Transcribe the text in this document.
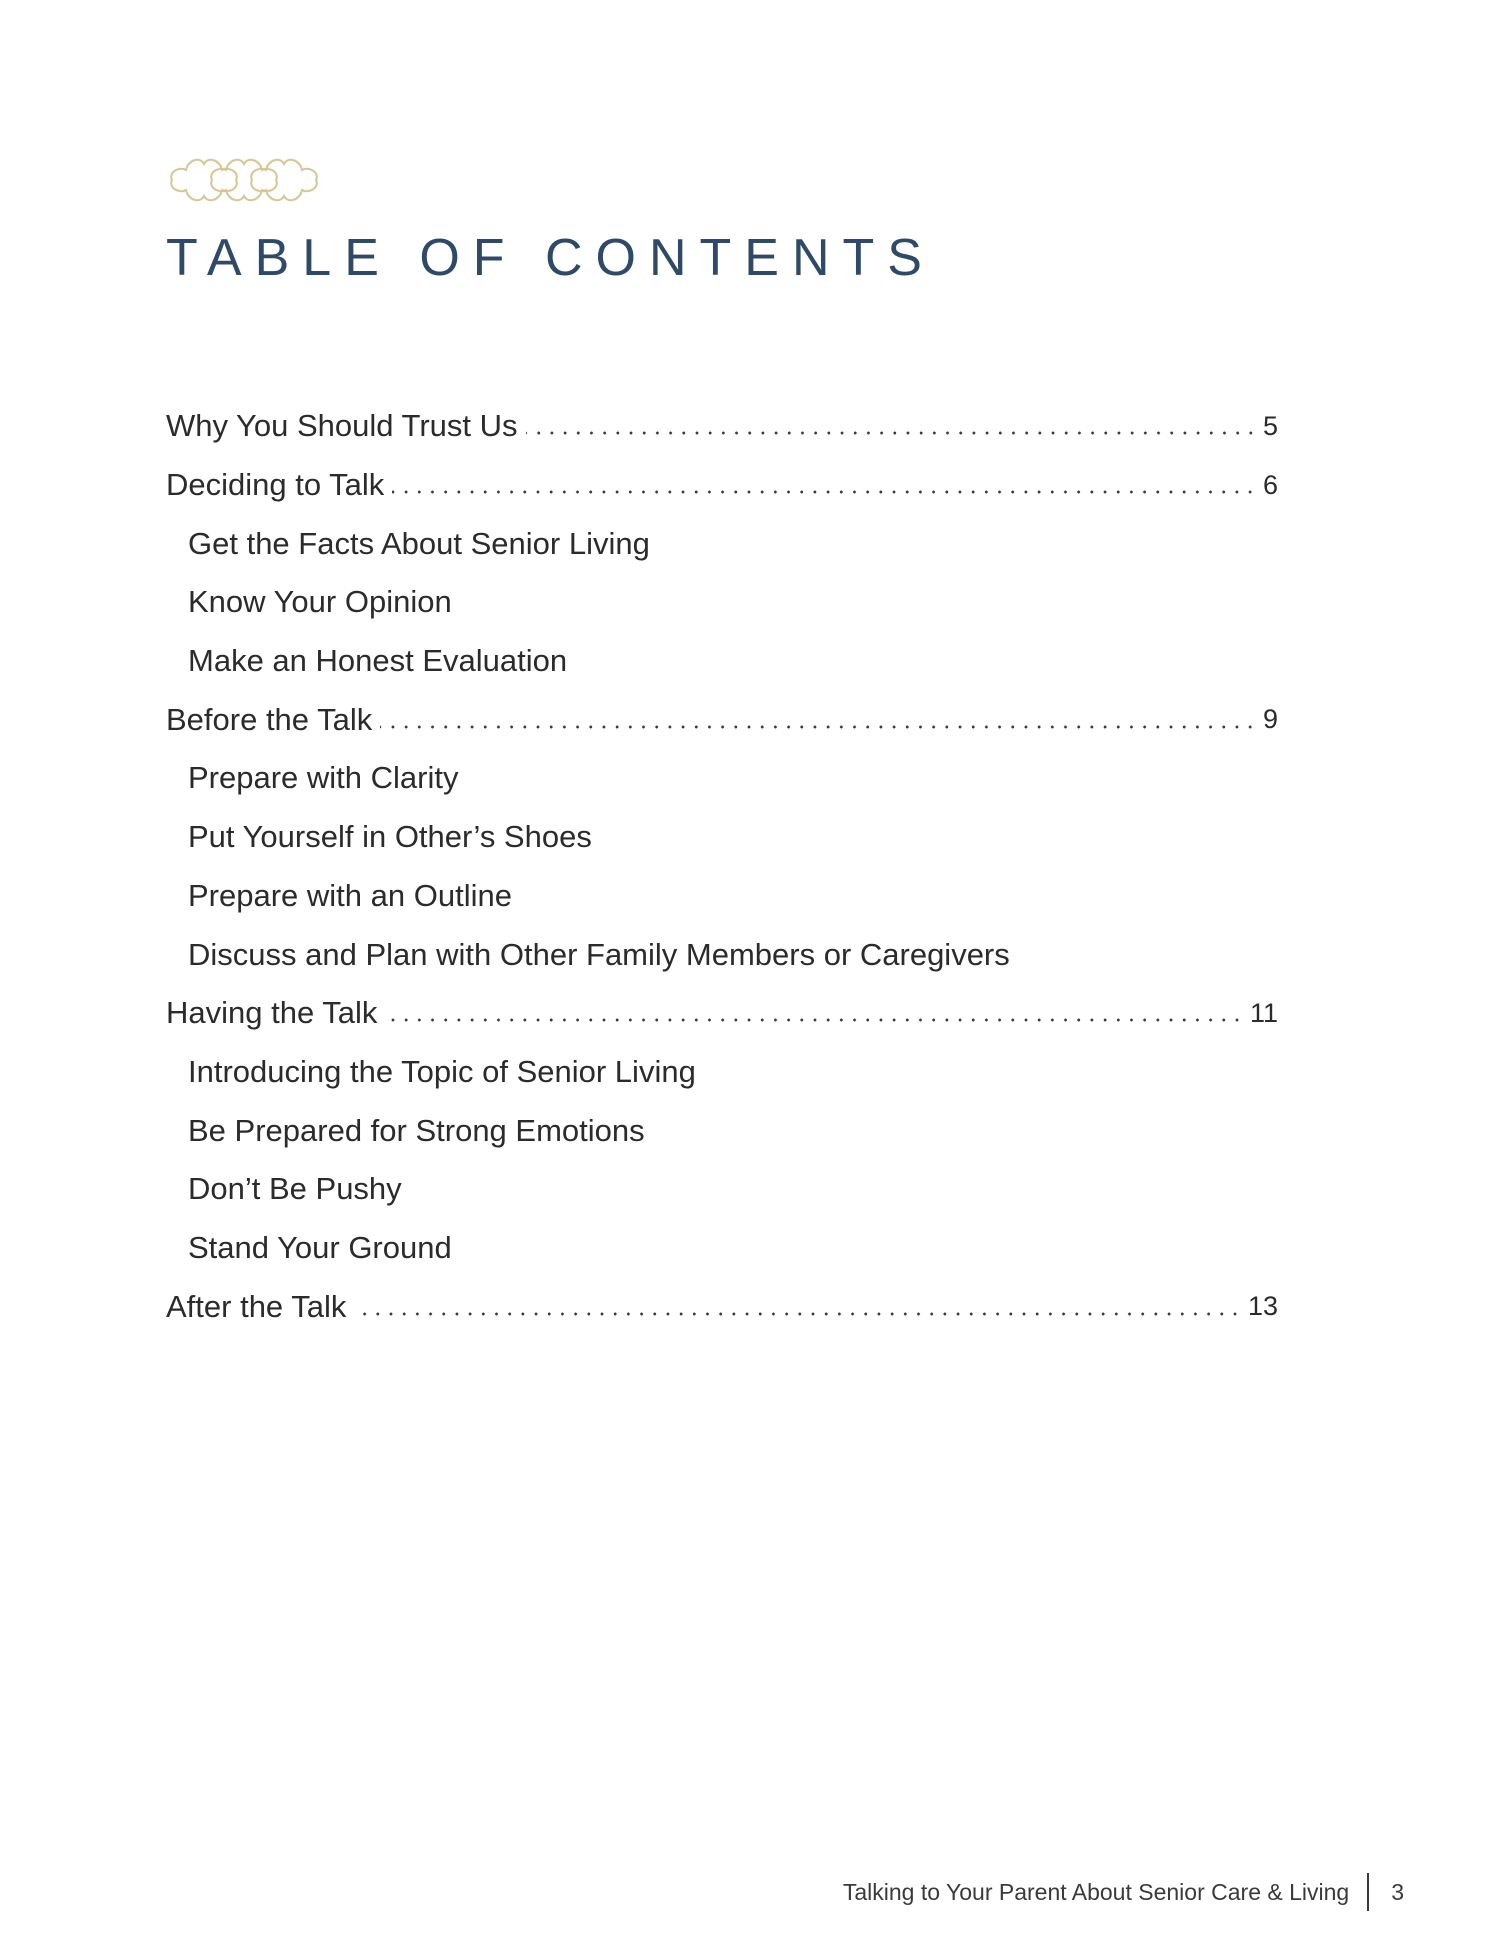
TABLE OF CONTENTS
Why You Should Trust Us	5
Deciding to Talk	6
Get the Facts About Senior Living
Know Your Opinion
Make an Honest Evaluation
Before the Talk	9
Prepare with Clarity
Put Yourself in Other’s Shoes
Prepare with an Outline
Discuss and Plan with Other Family Members or Caregivers
Having the Talk	11
Introducing the Topic of Senior Living
Be Prepared for Strong Emotions
Don’t Be Pushy
Stand Your Ground
After the Talk	13
Talking to Your Parent About Senior Care & Living 3
